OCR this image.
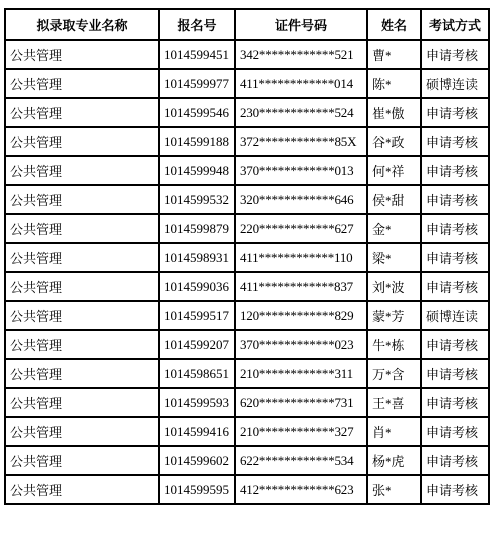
拟录取专业名称	报名号	证件号码	姓名	考试方式
公共管理	1014599451	342************521	曹*	申请考核
公共管理	1014599977	411************014	陈*	硕博连读
公共管理	1014599546	230************524	崔*傲	申请考核
公共管理	1014599188	372************85X	谷*政	申请考核
公共管理	1014599948	370************013	何*祥	申请考核
公共管理	1014599532	320************646	侯*甜	申请考核
公共管理	1014599879	220************627	金*	申请考核
公共管理	1014598931	411************110	梁*	申请考核
公共管理	1014599036	411************837	刘*波	申请考核
公共管理	1014599517	120************829	蒙*芳	硕博连读
公共管理	1014599207	370************023	牛*栋	申请考核
公共管理	1014598651	210************311	万*含	申请考核
公共管理	1014599593	620************731	王*喜	申请考核
公共管理	1014599416	210************327	肖*	申请考核
公共管理	1014599602	622************534	杨*虎	申请考核
公共管理	1014599595	412************623	张*	申请考核
